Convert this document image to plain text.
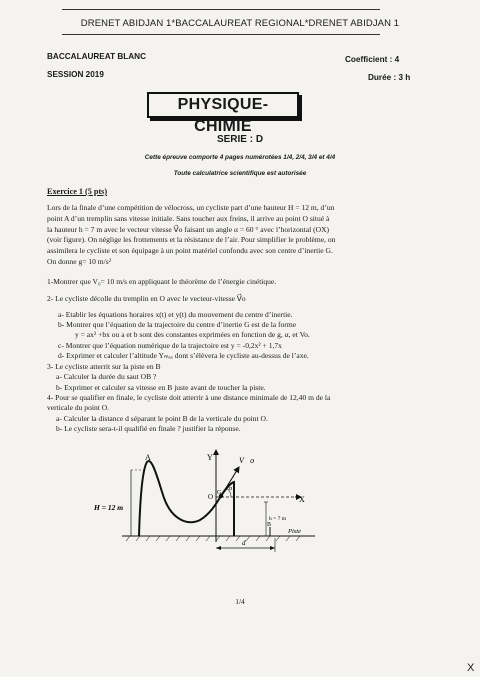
DRENET ABIDJAN 1*BACCALAUREAT REGIONAL*DRENET ABIDJAN 1
BACCALAUREAT BLANC
SESSION 2019
Coefficient : 4
Durée : 3 h
PHYSIQUE-CHIMIE
SERIE : D
Cette épreuve comporte 4 pages numérotées 1/4, 2/4, 3/4 et 4/4
Toute calculatrice scientifique est autorisée
Exercice 1 (5 pts)
Lors de la finale d’une compétition de vélocross, un cycliste part d’une hauteur H = 12 m, d’un
point A d’un tremplin sans vitesse initiale. Sans toucher aux freins, il arrive au point O situé à
la hauteur h = 7 m avec le vecteur vitesse V⃗o faisant un angle α = 60 ° avec l’horizontal (OX)
(voir figure). On néglige les frottements et la résistance de l’air. Pour simplifier le problème, on
assimilera le cycliste et son équipage à un point matériel confondu avec son centre d’inertie G.
On donne g= 10 m/s²
1-Montrer que V₀= 10 m/s en appliquant le théorème de l’énergie cinétique.
2- Le cycliste décolle du tremplin en O avec le vecteur-vitesse V⃗o
a- Etablir les équations horaires x(t) et y(t) du mouvement du centre d’inertie.
b- Montrer que l’équation de la trajectoire du centre d’inertie G est de la forme
y = ax² +bx ou a et b sont des constantes exprimées en fonction de g, α, et Vo.
c- Montrer que l’équation numérique de la trajectoire est y = -0,2x² + 1,7x
d- Exprimer et calculer l’altitude Yₘₐₓ dont s’élèvera le cycliste au-dessus de l’axe.
3- Le cycliste atterrit sur la piste en B
a- Calculer la durée du saut OB ?
b- Exprimer et calculer sa vitesse en B juste avant de toucher la piste.
4- Pour se qualifier en finale, le cycliste doit atterrir à une distance minimale de 12,40 m de la
verticale du point O.
a- Calculer la distance d séparant le point B de la verticale du point O.
b- Le cycliste sera-t-il qualifié en finale ? justifier la réponse.
A	Y	V⃗o
O
α
X
G
H = 12 m
h = 7 m
B
Piste
d
1/4
X
